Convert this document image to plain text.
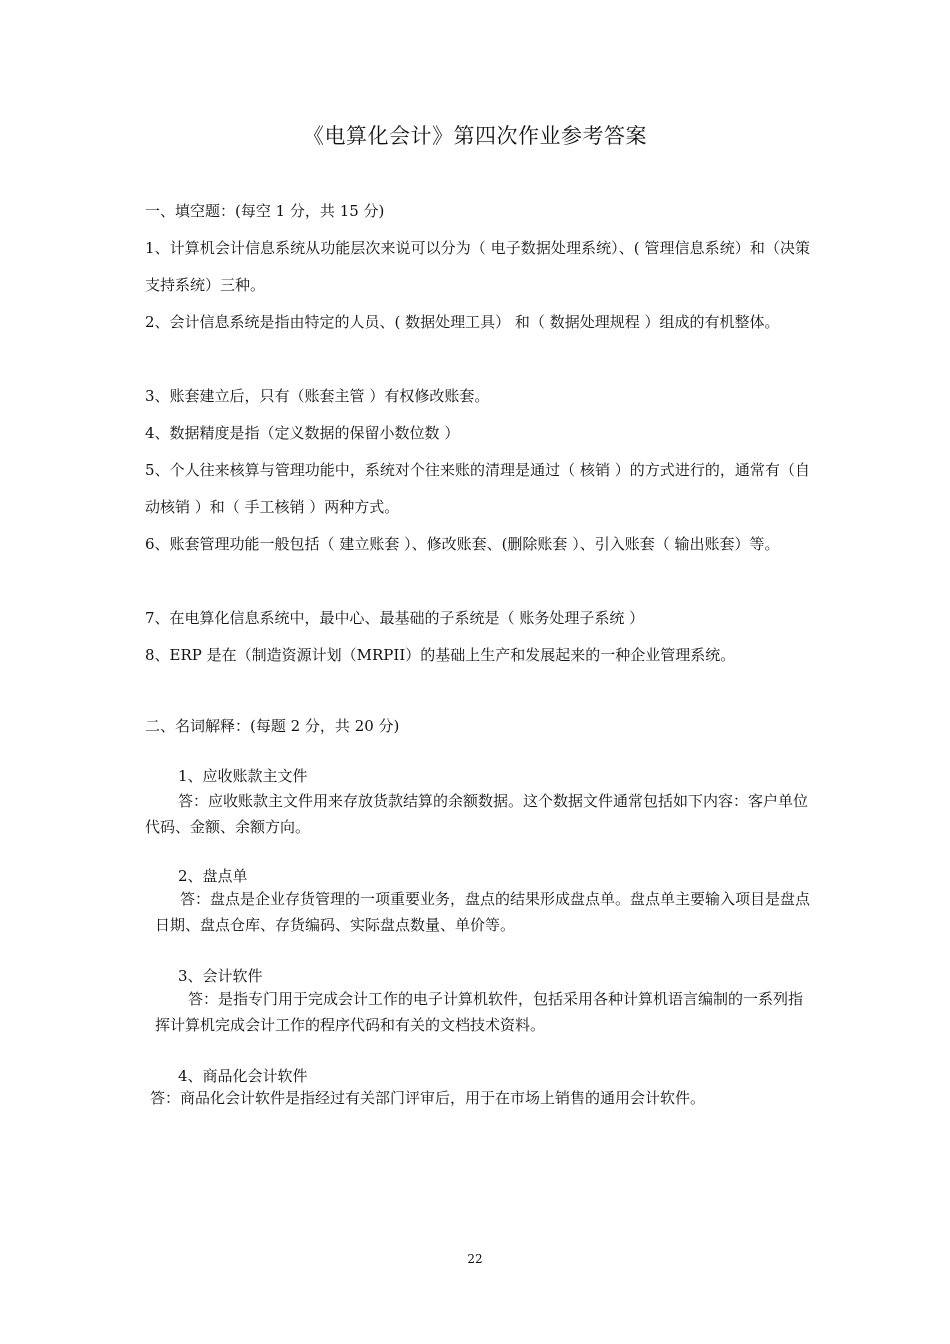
《电算化会计》第四次作业参考答案
一、填空题：(每空 1 分，共 15 分)
1、计算机会计信息系统从功能层次来说可以分为（ 电子数据处理系统）、( 管理信息系统）和（决策支持系统）三种。
2、会计信息系统是指由特定的人员、( 数据处理工具） 和（ 数据处理规程 ）组成的有机整体。
3、账套建立后，只有（账套主管 ）有权修改账套。
4、数据精度是指（定义数据的保留小数位数 ）
5、个人往来核算与管理功能中，系统对个往来账的清理是通过（ 核销 ）的方式进行的，通常有（自动核销 ）和（ 手工核销 ）两种方式。
6、账套管理功能一般包括（ 建立账套 ）、修改账套、(删除账套 ）、引入账套（ 输出账套）等。
7、在电算化信息系统中，最中心、最基础的子系统是（ 账务处理子系统 ）
8、ERP 是在（制造资源计划（MRPII）的基础上生产和发展起来的一种企业管理系统。
二、名词解释：(每题 2 分，共 20 分)
1、应收账款主文件
答：应收账款主文件用来存放货款结算的余额数据。这个数据文件通常包括如下内容：客户单位代码、金额、余额方向。
2、盘点单
答：盘点是企业存货管理的一项重要业务，盘点的结果形成盘点单。盘点单主要输入项目是盘点日期、盘点仓库、存货编码、实际盘点数量、单价等。
3、会计软件
答：是指专门用于完成会计工作的电子计算机软件，包括采用各种计算机语言编制的一系列指挥计算机完成会计工作的程序代码和有关的文档技术资料。
4、商品化会计软件
答：商品化会计软件是指经过有关部门评审后，用于在市场上销售的通用会计软件。
22
